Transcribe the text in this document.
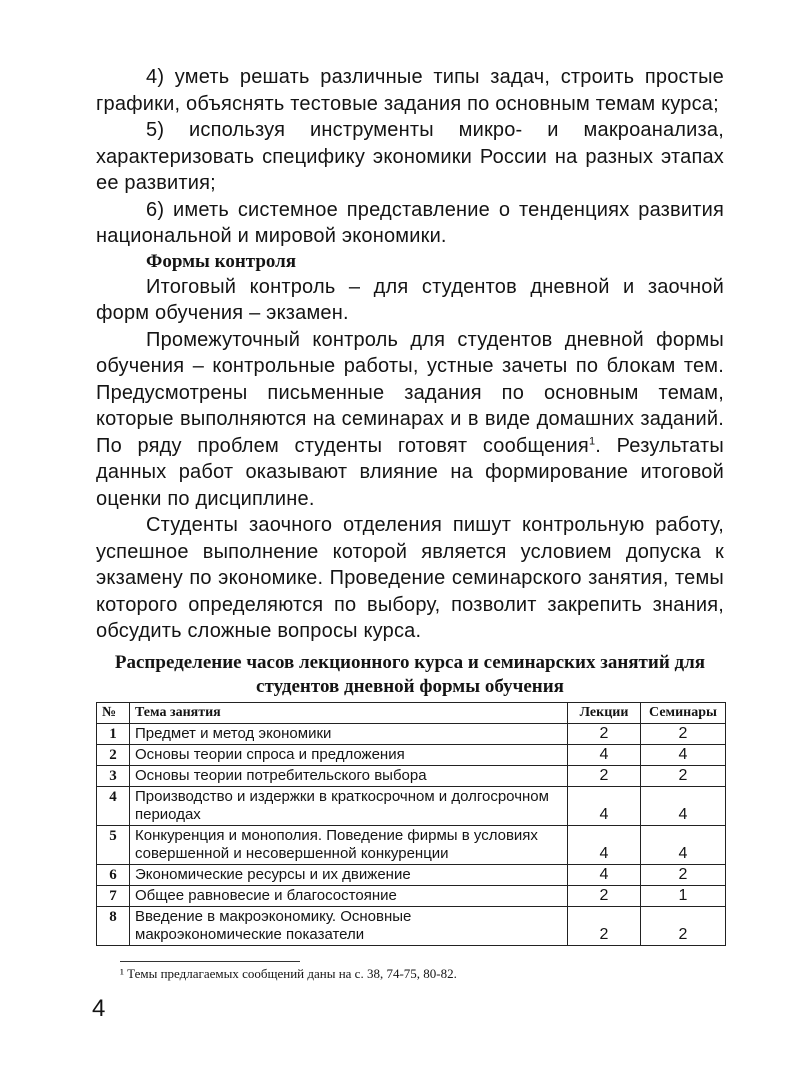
4) уметь решать различные типы задач, строить простые графики, объяснять тестовые задания по основным темам курса;

5) используя инструменты микро- и макроанализа, характеризовать специфику экономики России на разных этапах ее развития;

6) иметь системное представление о тенденциях развития национальной и мировой экономики.

Формы контроля

Итоговый контроль – для студентов дневной и заочной форм обучения – экзамен.

Промежуточный контроль для студентов дневной формы обучения – контрольные работы, устные зачеты по блокам тем. Предусмотрены письменные задания по основным темам, которые выполняются на семинарах и в виде домашних заданий. По ряду проблем студенты готовят сообщения$^1$. Результаты данных работ оказывают влияние на формирование итоговой оценки по дисциплине.

Студенты заочного отделения пишут контрольную работу, успешное выполнение которой является условием допуска к экзамену по экономике. Проведение семинарского занятия, темы которого определяются по выбору, позволит закрепить знания, обсудить сложные вопросы курса.

Распределение часов лекционного курса и семинарских занятий для студентов дневной формы обучения

№	Тема занятия	Лекции	Семинары
1	Предмет и метод экономики	2	2
2	Основы теории спроса и предложения	4	4
3	Основы теории потребительского выбора	2	2
4	Производство и издержки в краткосрочном и долгосрочном периодах	4	4
5	Конкуренция и монополия. Поведение фирмы в условиях совершенной и несовершенной конкуренции	4	4
6	Экономические ресурсы и их движение	4	2
7	Общее равновесие и благосостояние	2	1
8	Введение в макроэкономику. Основные макроэкономические показатели	2	2
¹ Темы предлагаемых сообщений даны на с. 38, 74-75, 80-82.
4
